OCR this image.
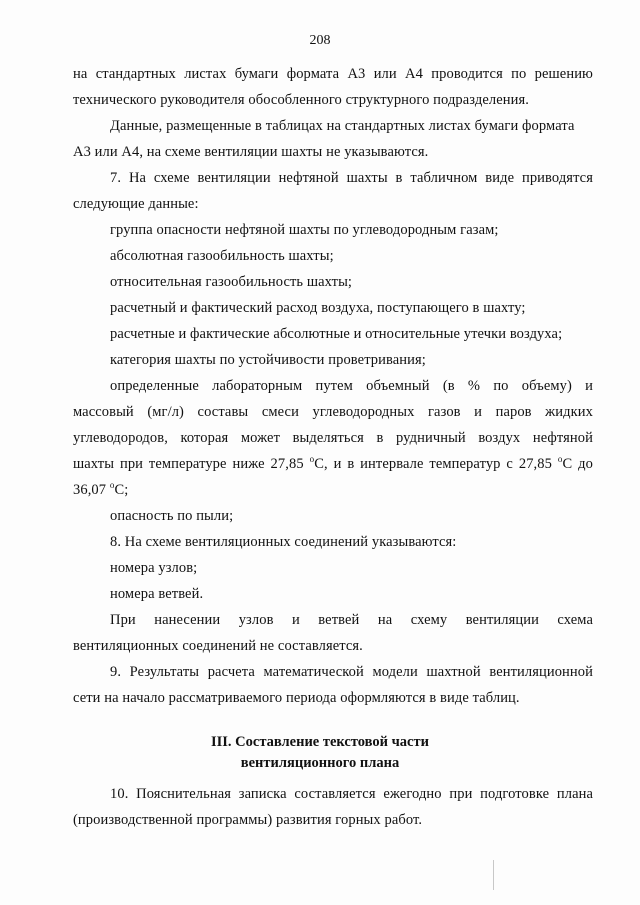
208
на стандартных листах бумаги формата А3 или А4 проводится по решению
технического руководителя обособленного структурного подразделения.
Данные, размещенные в таблицах на стандартных листах бумаги формата
А3 или А4, на схеме вентиляции шахты не указываются.
7. На схеме вентиляции нефтяной шахты в табличном виде приводятся
следующие данные:
группа опасности нефтяной шахты по углеводородным газам;
абсолютная газообильность шахты;
относительная газообильность шахты;
расчетный и фактический расход воздуха, поступающего в шахту;
расчетные и фактические абсолютные и относительные утечки воздуха;
категория шахты по устойчивости проветривания;
определенные лабораторным путем объемный (в % по объему) и
массовый (мг/л) составы смеси углеводородных газов и паров жидких
углеводородов, которая может выделяться в рудничный воздух нефтяной
шахты при температуре ниже 27,85 $^o$С, и в интервале температур с 27,85 $^o$С до
36,07 $^o$С;
опасность по пыли;
8. На схеме вентиляционных соединений указываются:
номера узлов;
номера ветвей.
При нанесении узлов и ветвей на схему вентиляции схема
вентиляционных соединений не составляется.
9. Результаты расчета математической модели шахтной вентиляционной
сети на начало рассматриваемого периода оформляются в виде таблиц.
III. Составление текстовой части
вентиляционного плана
10. Пояснительная записка составляется ежегодно при подготовке плана
(производственной программы) развития горных работ.
